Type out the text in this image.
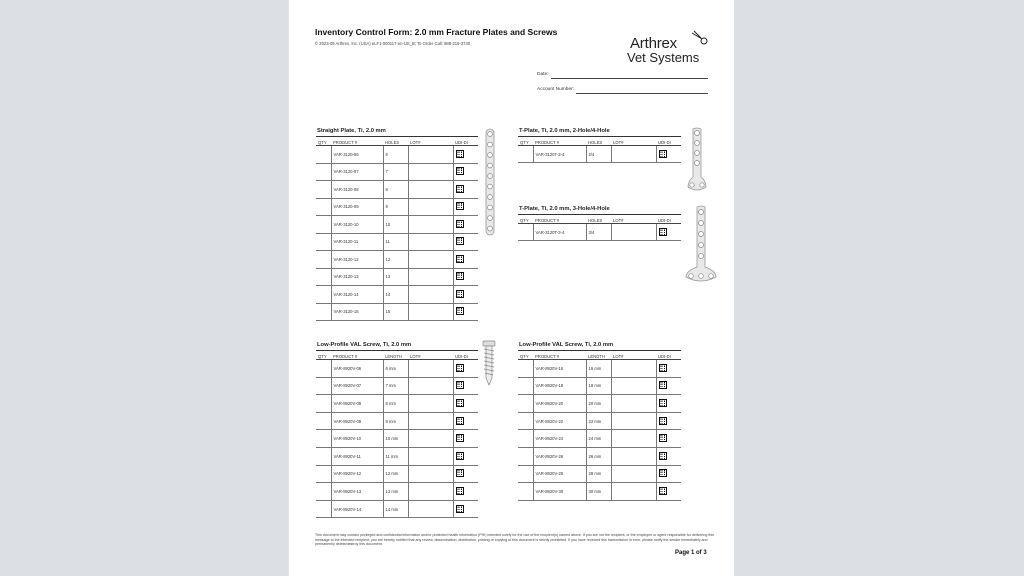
Inventory Control Form: 2.0 mm Fracture Plates and Screws
© 2023-09 Arthrex, Inc. (USA) eLF1-000117-en-US_B; To Order Call: 888-215-3740	Arthrex
Vet Systems
Date:
Account Number:
Straight Plate, Ti, 2.0 mm
QTY	PRODUCT #	HOLES	LOT#	UDI-DI
	VAR-3120-06	6		
	VAR-3120-07	7		
	VAR-3120-08	8		
	VAR-3120-09	9		
	VAR-3120-10	10		
	VAR-3120-11	11		
	VAR-3120-12	12		
	VAR-3120-13	13		
	VAR-3120-14	14		
	VAR-3120-15	15		
T-Plate, Ti, 2.0 mm, 2-Hole/4-Hole
QTY	PRODUCT #	HOLES	LOT#	UDI-DI
	VAR-3120T-2-4	2/4		
T-Plate, Ti, 2.0 mm, 3-Hole/4-Hole
QTY	PRODUCT #	HOLES	LOT#	UDI-DI
	VAR-3120T-3-4	3/4		
Low-Profile VAL Screw, Ti, 2.0 mm
QTY	PRODUCT #	LENGTH	LOT#	UDI-DI
	VAR-8920V-06	6 mm		
	VAR-8920V-07	7 mm		
	VAR-8920V-08	8 mm		
	VAR-8920V-09	9 mm		
	VAR-8920V-10	10 mm		
	VAR-8920V-11	11 mm		
	VAR-8920V-12	12 mm		
	VAR-8920V-13	13 mm		
	VAR-8920V-14	14 mm		
Low-Profile VAL Screw, Ti, 2.0 mm
QTY	PRODUCT #	LENGTH	LOT#	UDI-DI
	VAR-8920V-16	16 mm		
	VAR-8920V-18	18 mm		
	VAR-8920V-20	20 mm		
	VAR-8920V-22	22 mm		
	VAR-8920V-24	24 mm		
	VAR-8920V-26	26 mm		
	VAR-8920V-28	28 mm		
	VAR-8920V-30	30 mm		
This document may contain privileged and confidential information and/or protected health information (PHI) intended solely for the use of the recipient(s) named above. If you are not the recipient, or the employee or agent responsible for delivering this message to the intended recipient, you are hereby notified that any review, dissemination, distribution, printing or copying of this document is strictly prohibited. If you have received this transmission in error, please notify the sender immediately and permanently delete/destroy this document.
Page 1 of 3
